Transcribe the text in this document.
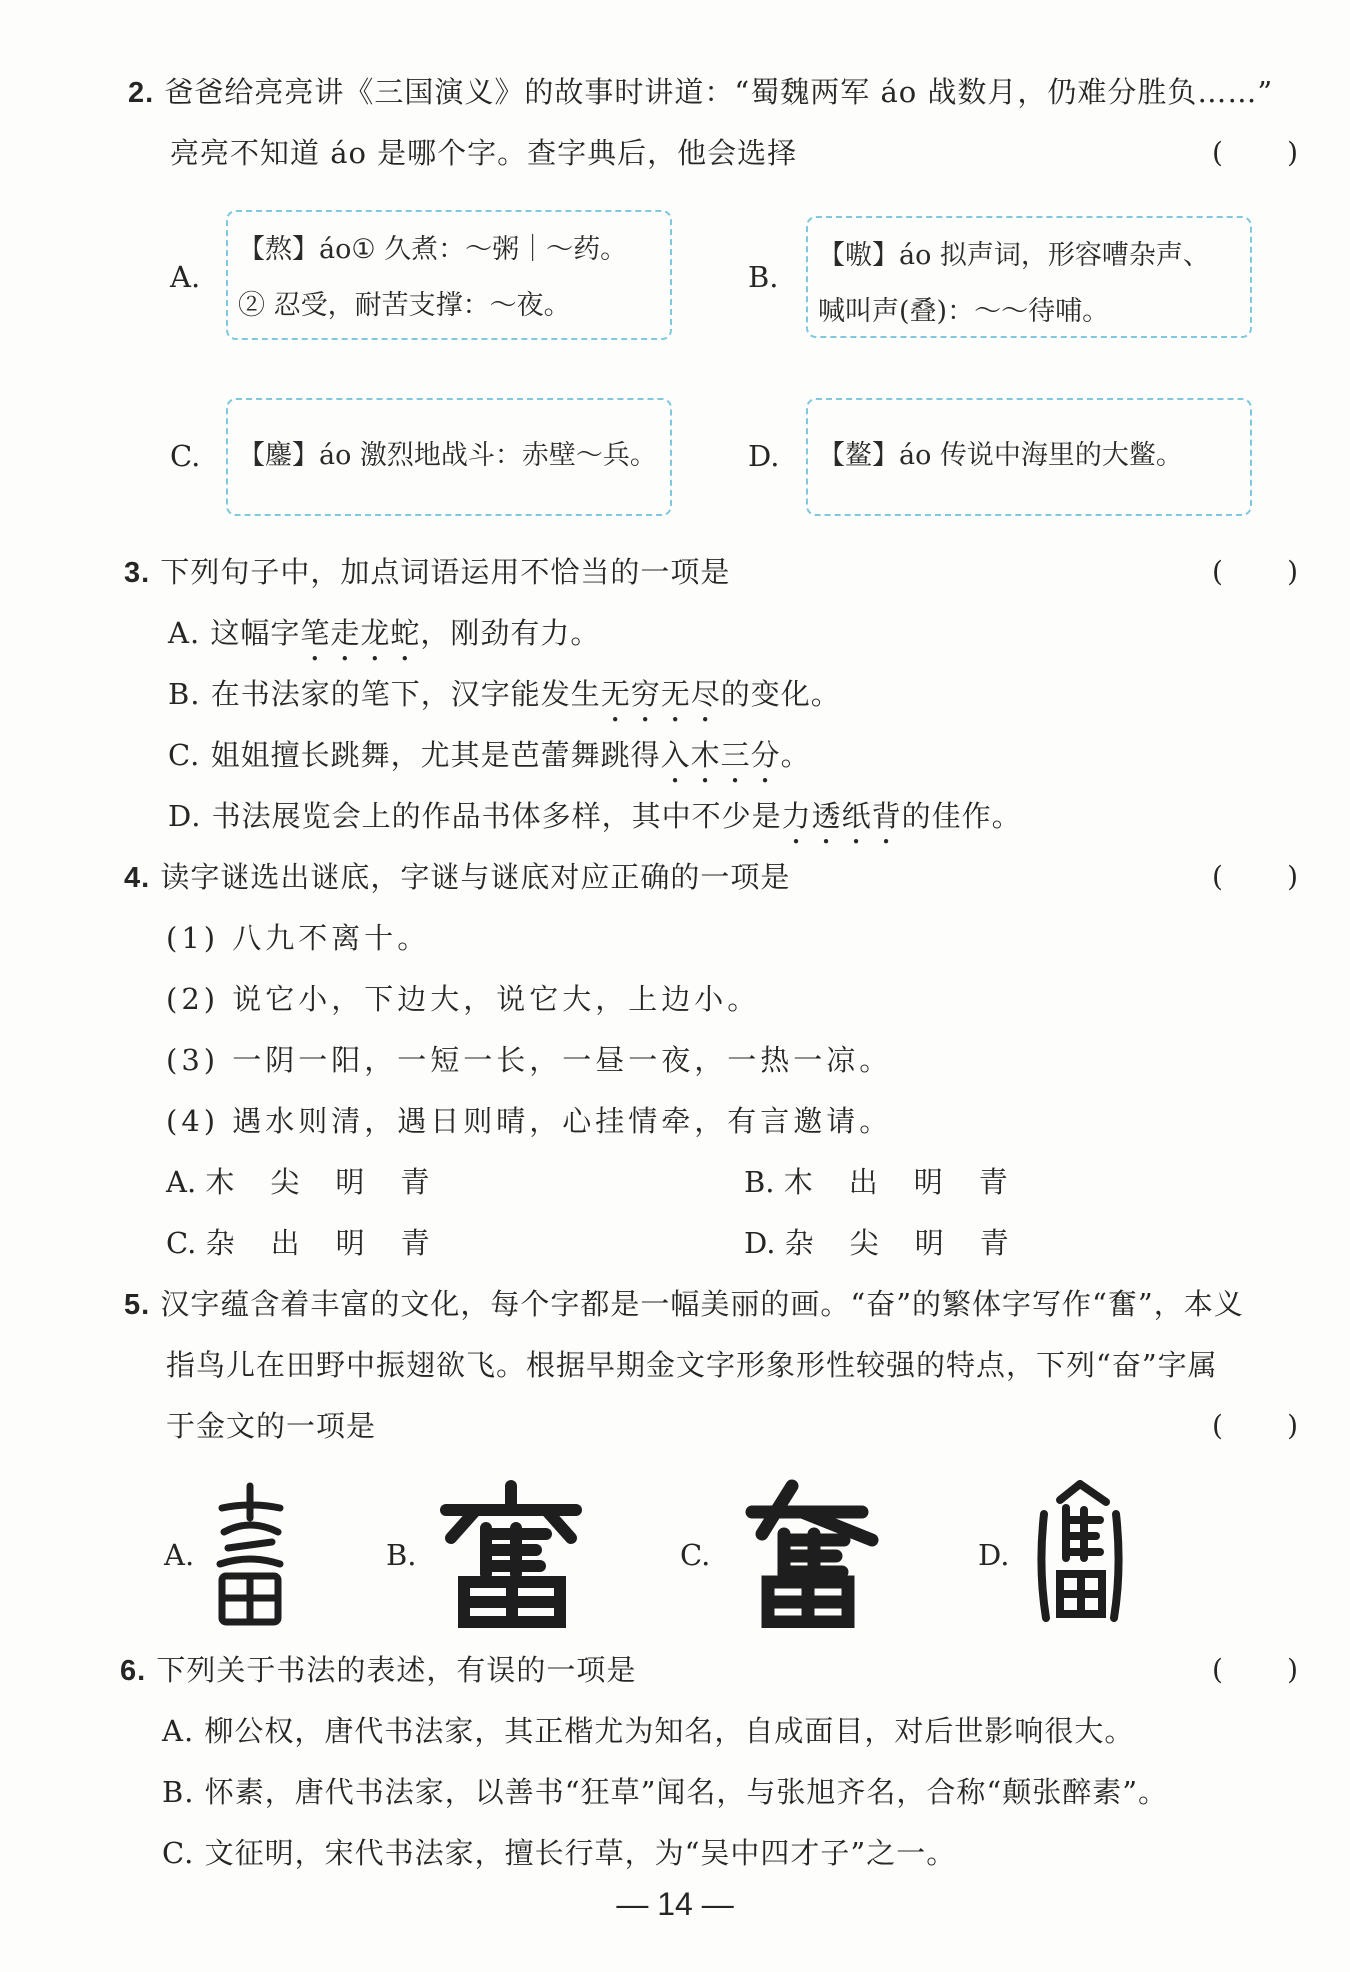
2. 爸爸给亮亮讲《三国演义》的故事时讲道：“蜀魏两军 áo 战数月，仍难分胜负……”
亮亮不知道 áo 是哪个字。查字典后，他会选择	( )
A.
【熬】áo① 久煮：～粥｜～药。
② 忍受，耐苦支撑：～夜。
B.
【嗷】áo 拟声词，形容嘈杂声、
喊叫声(叠)：～～待哺。
C. 【鏖】áo 激烈地战斗：赤壁～兵。	D. 【鳌】áo 传说中海里的大鳖。
3. 下列句子中，加点词语运用不恰当的一项是	( )
A. 这幅字笔走龙蛇，刚劲有力。
B. 在书法家的笔下，汉字能发生无穷无尽的变化。
C. 姐姐擅长跳舞，尤其是芭蕾舞跳得入木三分。
D. 书法展览会上的作品书体多样，其中不少是力透纸背的佳作。
4. 读字谜选出谜底，字谜与谜底对应正确的一项是	( )
(1) 八九不离十。
(2) 说它小，下边大，说它大，上边小。
(3) 一阴一阳，一短一长，一昼一夜，一热一凉。
(4) 遇水则清，遇日则晴，心挂情牵，有言邀请。
A. 木 尖 明 青	B. 木 出 明 青
C. 杂 出 明 青	D. 杂 尖 明 青
5. 汉字蕴含着丰富的文化，每个字都是一幅美丽的画。“奋”的繁体字写作“奮”，本义
指鸟儿在田野中振翅欲飞。根据早期金文字形象形性较强的特点，下列“奋”字属
于金文的一项是	( )
A.	B.	C.	D.
6. 下列关于书法的表述，有误的一项是	( )
A. 柳公权，唐代书法家，其正楷尤为知名，自成面目，对后世影响很大。
B. 怀素，唐代书法家，以善书“狂草”闻名，与张旭齐名，合称“颠张醉素”。
C. 文征明，宋代书法家，擅长行草，为“吴中四才子”之一。
— 14 —
